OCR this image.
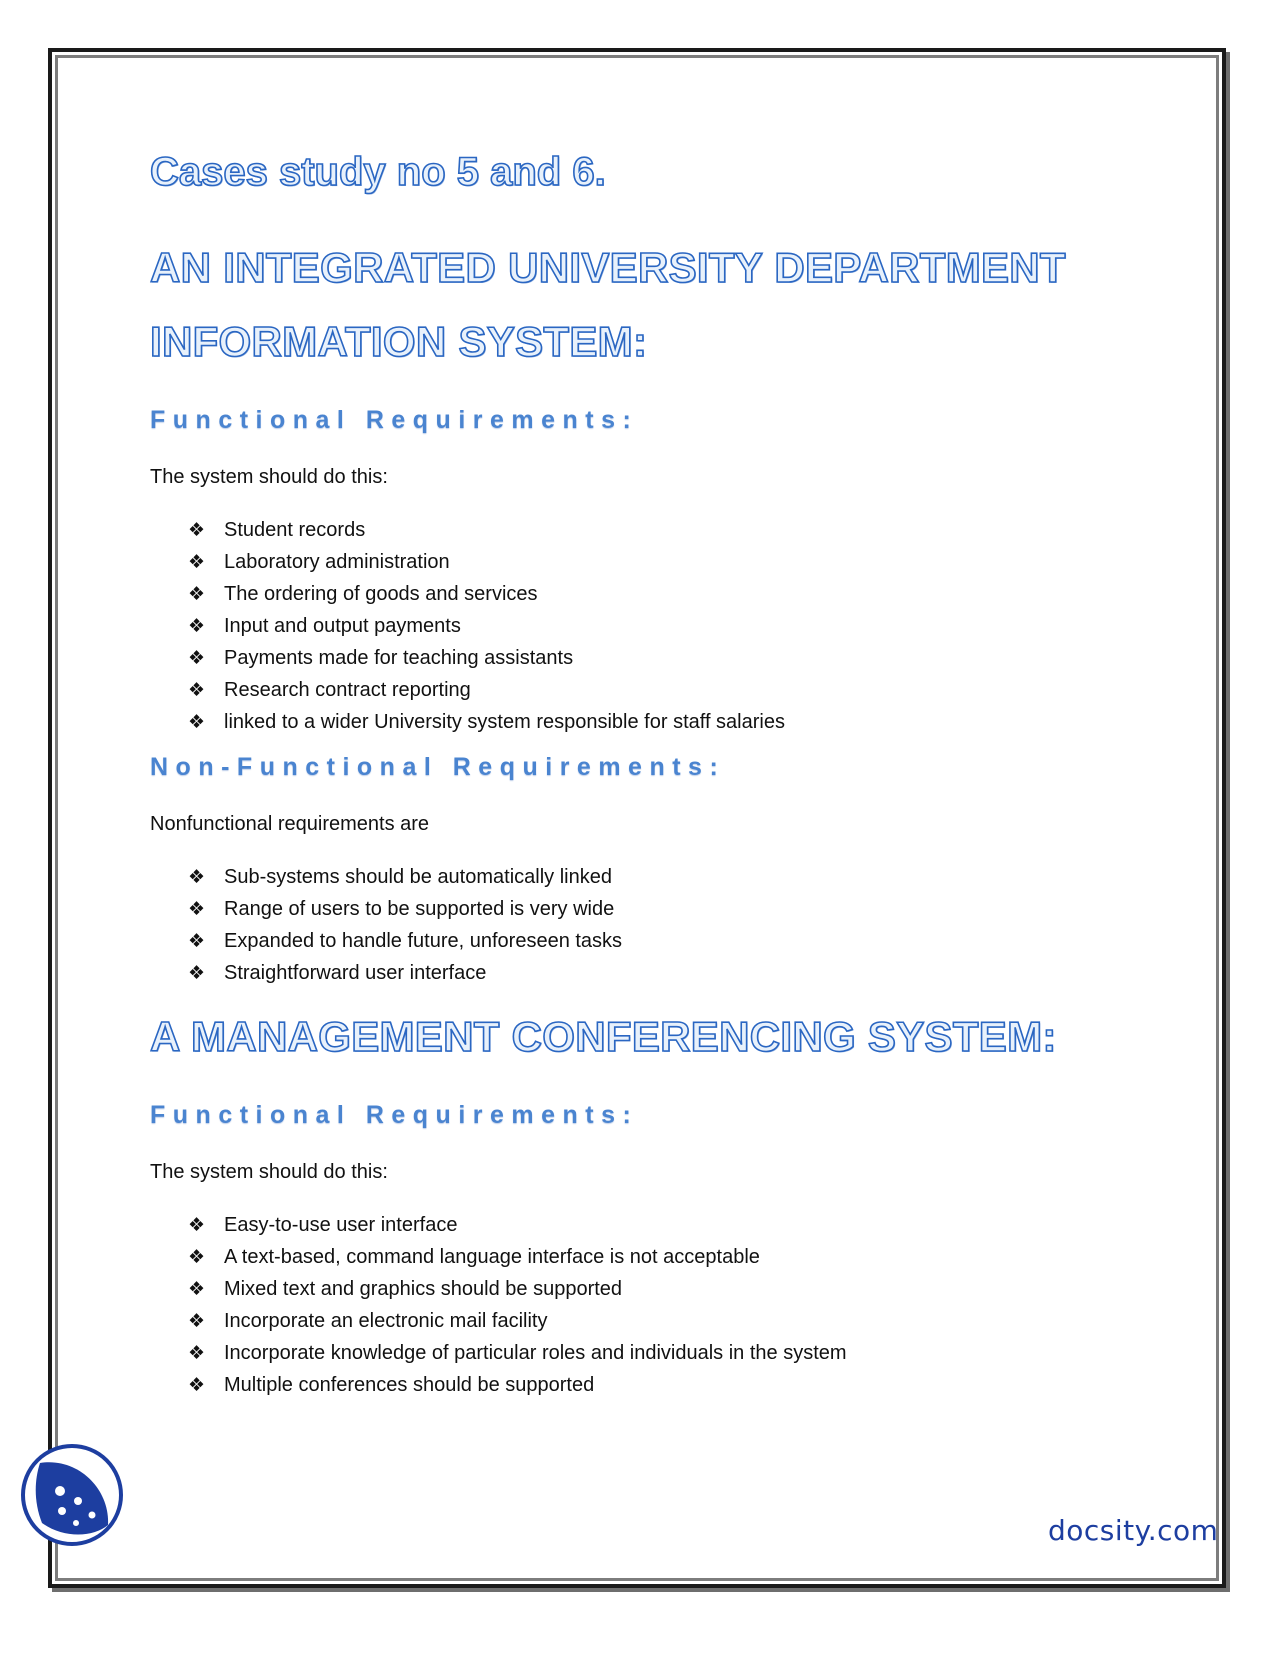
Cases study no 5 and 6.
AN INTEGRATED UNIVERSITY DEPARTMENT
INFORMATION SYSTEM:
Functional Requirements:
The system should do this:
❖ Student records
❖ Laboratory administration
❖ The ordering of goods and services
❖ Input and output payments
❖ Payments made for teaching assistants
❖ Research contract reporting
❖ linked to a wider University system responsible for staff salaries
Non-Functional Requirements:
Nonfunctional requirements are
❖ Sub-systems should be automatically linked
❖ Range of users to be supported is very wide
❖ Expanded to handle future, unforeseen tasks
❖ Straightforward user interface
A MANAGEMENT CONFERENCING SYSTEM:
Functional Requirements:
The system should do this:
❖ Easy-to-use user interface
❖ A text-based, command language interface is not acceptable
❖ Mixed text and graphics should be supported
❖ Incorporate an electronic mail facility
❖ Incorporate knowledge of particular roles and individuals in the system
❖ Multiple conferences should be supported
docsity.com
